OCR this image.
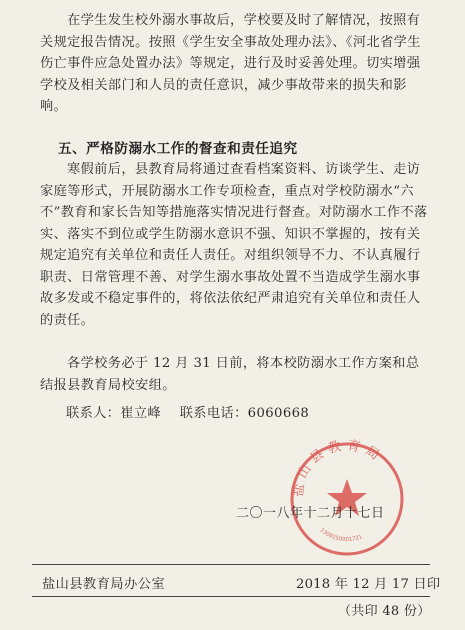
在学生发生校外溺水事故后，学校要及时了解情况，按照有关规定报告情况。按照《学生安全事故处理办法》、《河北省学生伤亡事件应急处置办法》等规定，进行及时妥善处理。切实增强学校及相关部门和人员的责任意识，减少事故带来的损失和影响。
五、严格防溺水工作的督查和责任追究
寒假前后，县教育局将通过查看档案资料、访谈学生、走访家庭等形式，开展防溺水工作专项检查，重点对学校防溺水“六不”教育和家长告知等措施落实情况进行督查。对防溺水工作不落实、落实不到位或学生防溺水意识不强、知识不掌握的，按有关规定追究有关单位和责任人责任。对组织领导不力、不认真履行职责、日常管理不善、对学生溺水事故处置不当造成学生溺水事故多发或不稳定事件的，将依法依纪严肃追究有关单位和责任人的责任。
各学校务必于 12 月 31 日前，将本校防溺水工作方案和总结报县教育局校安组。
联系人：崔立峰 联系电话：6060668
盐山县教育局
1309250001721
二〇一八年十二月十七日
盐山县教育局办公室	2018 年 12 月 17 日印
（共印 48 份）
